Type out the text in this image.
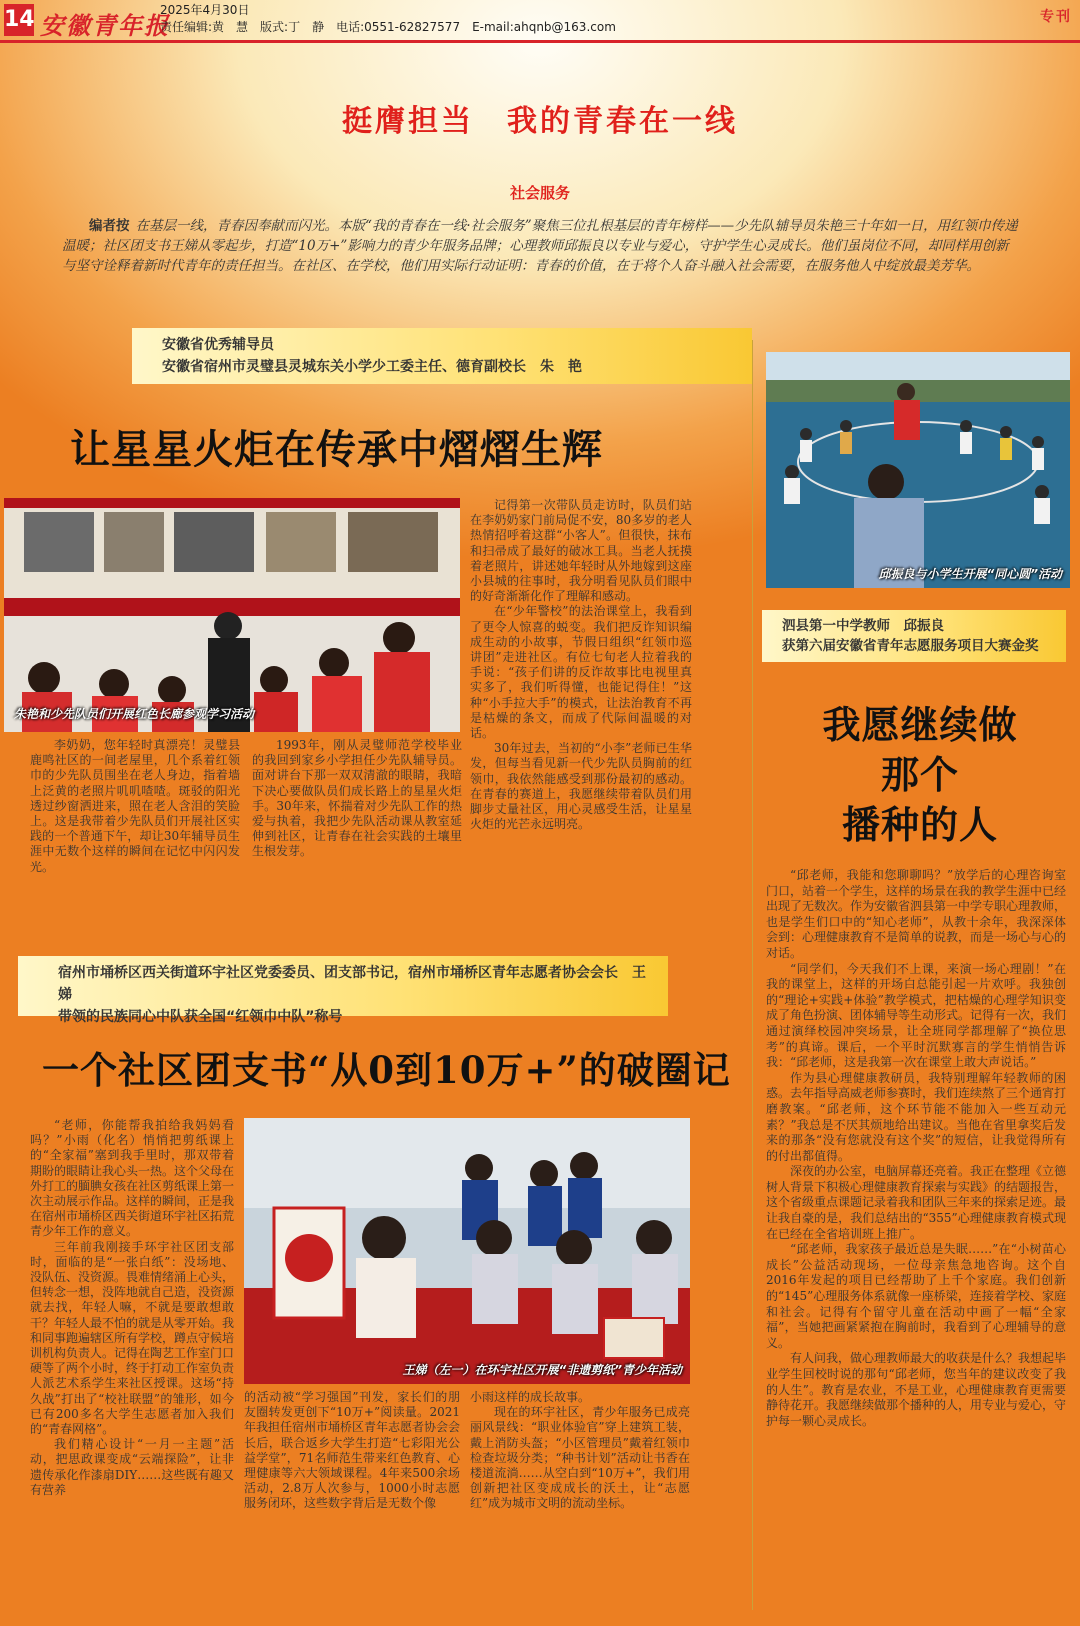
14 安徽青年报
2025年4月30日
责任编辑:黄　慧　版式:丁　静　电话:0551-62827577　E-mail:ahqnb@163.com
专刊
挺膺担当　我的青春在一线
社会服务
编者按 在基层一线，青春因奉献而闪光。本版“我的青春在一线·社会服务”聚焦三位扎根基层的青年榜样——少先队辅导员朱艳三十年如一日，用红领巾传递温暖；社区团支书王娣从零起步，打造“10万+”影响力的青少年服务品牌；心理教师邱振良以专业与爱心，守护学生心灵成长。他们虽岗位不同，却同样用创新与坚守诠释着新时代青年的责任担当。在社区、在学校，他们用实际行动证明：青春的价值，在于将个人奋斗融入社会需要，在服务他人中绽放最美芳华。
安徽省优秀辅导员
安徽省宿州市灵璧县灵城东关小学少工委主任、德育副校长　朱　艳
让星星火炬在传承中熠熠生辉
朱艳和少先队员们开展红色长廊参观学习活动

李奶奶，您年轻时真漂亮！灵璧县鹿鸣社区的一间老屋里，几个系着红领巾的少先队员围坐在老人身边，指着墙上泛黄的老照片叽叽喳喳。斑驳的阳光透过纱窗洒进来，照在老人含泪的笑脸上。这是我带着少先队员们开展社区实践的一个普通下午，却让30年辅导员生涯中无数个这样的瞬间在记忆中闪闪发光。

1993年，刚从灵璧师范学校毕业的我回到家乡小学担任少先队辅导员。面对讲台下那一双双清澈的眼睛，我暗下决心要做队员们成长路上的星星火炬手。30年来，怀揣着对少先队工作的热爱与执着，我把少先队活动课从教室延伸到社区，让青春在社会实践的土壤里生根发芽。

记得第一次带队员走访时，队员们站在李奶奶家门前局促不安，80多岁的老人热情招呼着这群“小客人”。但很快，抹布和扫帚成了最好的破冰工具。当老人抚摸着老照片，讲述她年轻时从外地嫁到这座小县城的往事时，我分明看见队员们眼中的好奇渐渐化作了理解和感动。

在“少年警校”的法治课堂上，我看到了更令人惊喜的蜕变。我们把反诈知识编成生动的小故事，节假日组织“红领巾巡讲团”走进社区。有位七旬老人拉着我的手说：“孩子们讲的反诈故事比电视里真实多了，我们听得懂，也能记得住！”这种“小手拉大手”的模式，让法治教育不再是枯燥的条文，而成了代际间温暖的对话。

30年过去，当初的“小李”老师已生华发，但每当看见新一代少先队员胸前的红领巾，我依然能感受到那份最初的感动。在青春的赛道上，我愿继续带着队员们用脚步丈量社区，用心灵感受生活，让星星火炬的光芒永远明亮。

邱振良与小学生开展“同心圆”活动
泗县第一中学教师　邱振良
获第六届安徽省青年志愿服务项目大赛金奖
我愿继续做
那个
播种的人

“邱老师，我能和您聊聊吗？”放学后的心理咨询室门口，站着一个学生，这样的场景在我的教学生涯中已经出现了无数次。作为安徽省泗县第一中学专职心理教师，也是学生们口中的“知心老师”，从教十余年，我深深体会到：心理健康教育不是简单的说教，而是一场心与心的对话。

“同学们，今天我们不上课，来演一场心理剧！”在我的课堂上，这样的开场白总能引起一片欢呼。我独创的“理论+实践+体验”教学模式，把枯燥的心理学知识变成了角色扮演、团体辅导等生动形式。记得有一次，我们通过演绎校园冲突场景，让全班同学都理解了“换位思考”的真谛。课后，一个平时沉默寡言的学生悄悄告诉我：“邱老师，这是我第一次在课堂上敢大声说话。”

作为县心理健康教研员，我特别理解年轻教师的困惑。去年指导高威老师参赛时，我们连续熬了三个通宵打磨教案。“邱老师，这个环节能不能加入一些互动元素？”我总是不厌其烦地给出建议。当他在省里拿奖后发来的那条“没有您就没有这个奖”的短信，让我觉得所有的付出都值得。

深夜的办公室，电脑屏幕还亮着。我正在整理《立德树人背景下积极心理健康教育探索与实践》的结题报告，这个省级重点课题记录着我和团队三年来的探索足迹。最让我自豪的是，我们总结出的“355”心理健康教育模式现在已经在全省培训班上推广。

“邱老师，我家孩子最近总是失眠……”在“小树苗心成长”公益活动现场，一位母亲焦急地咨询。这个自2016年发起的项目已经帮助了上千个家庭。我们创新的“145”心理服务体系就像一座桥梁，连接着学校、家庭和社会。记得有个留守儿童在活动中画了一幅“全家福”，当她把画紧紧抱在胸前时，我看到了心理辅导的意义。

有人问我，做心理教师最大的收获是什么？我想起毕业学生回校时说的那句“邱老师，您当年的建议改变了我的人生”。教育是农业，不是工业，心理健康教育更需要静待花开。我愿继续做那个播种的人，用专业与爱心，守护每一颗心灵成长。

宿州市埇桥区西关街道环宇社区党委委员、团支部书记，宿州市埇桥区青年志愿者协会会长　王　娣
带领的民族同心中队获全国“红领巾中队”称号
一个社区团支书“从0到10万+”的破圈记
王娣（左一）在环宇社区开展“非遗剪纸”青少年活动

“老师，你能帮我拍给我妈妈看吗？”小雨（化名）悄悄把剪纸课上的“全家福”塞到我手里时，那双带着期盼的眼睛让我心头一热。这个父母在外打工的腼腆女孩在社区剪纸课上第一次主动展示作品。这样的瞬间，正是我在宿州市埇桥区西关街道环宇社区拓荒青少年工作的意义。

三年前我刚接手环宇社区团支部时，面临的是“一张白纸”：没场地、没队伍、没资源。畏难情绪涌上心头，但转念一想，没阵地就自己造，没资源就去找，年轻人嘛，不就是要敢想敢干？年轻人最不怕的就是从零开始。我和同事跑遍辖区所有学校，蹲点守候培训机构负责人。记得在陶艺工作室门口硬等了两个小时，终于打动工作室负责人派艺术系学生来社区授课。这场“持久战”打出了“校社联盟”的雏形，如今已有200多名大学生志愿者加入我们的“青春网格”。

我们精心设计“一月一主题”活动，把思政课变成“云端探险”，让非遗传承化作漆扇DIY……这些既有趣又有营养

的活动被“学习强国”刊发，家长们的朋友圈转发更创下“10万+”阅读量。2021年我担任宿州市埇桥区青年志愿者协会会长后，联合返乡大学生打造“七彩阳光公益学堂”，71名师范生带来红色教育、心理健康等六大领域课程。4年来500余场活动，2.8万人次参与，1000小时志愿服务闭环，这些数字背后是无数个像

小雨这样的成长故事。

现在的环宇社区，青少年服务已成亮丽风景线：“职业体验官”穿上建筑工装，戴上消防头盔；“小区管理员”戴着红领巾检查垃圾分类；“种书计划”活动让书香在楼道流淌……从空白到“10万+”，我们用创新把社区变成成长的沃土，让“志愿红”成为城市文明的流动坐标。
